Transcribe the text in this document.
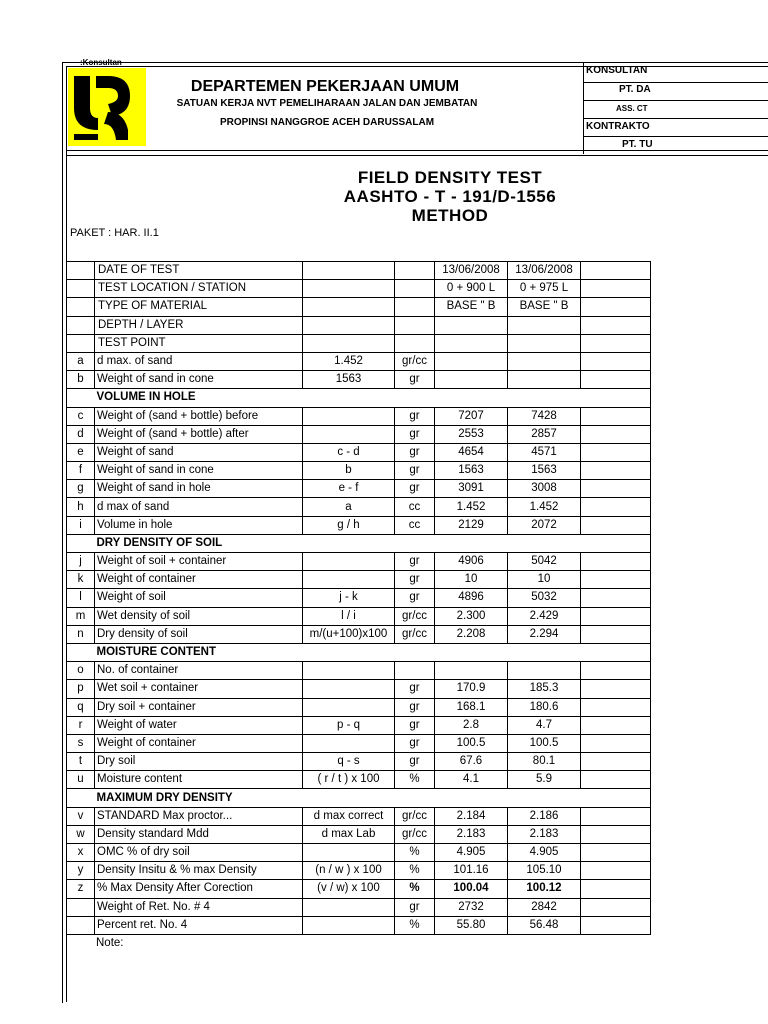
:Konsultan
DEPARTEMEN PEKERJAAN UMUM
SATUAN KERJA NVT PEMELIHARAAN JALAN DAN JEMBATAN
PROPINSI NANGGROE ACEH DARUSSALAM
KONSULTAN
PT. DA
ASS. CT
KONTRAKTO
PT. TU
FIELD DENSITY TEST
AASHTO - T - 191/D-1556
METHOD
PAKET : HAR. II.1
	DATE OF TEST			13/06/2008	13/06/2008	
	TEST LOCATION / STATION			0 + 900 L	0 + 975 L	
	TYPE OF MATERIAL			BASE " B	BASE " B	
	DEPTH / LAYER					
	TEST POINT					
a	d max. of sand	1.452	gr/cc			
b	Weight of sand in cone	1563	gr			
	VOLUME IN HOLE					
c	Weight of (sand + bottle) before		gr	7207	7428	
d	Weight of (sand + bottle) after		gr	2553	2857	
e	Weight of sand	c - d	gr	4654	4571	
f	Weight of sand in cone	b	gr	1563	1563	
g	Weight of sand in hole	e - f	gr	3091	3008	
h	d max of sand	a	cc	1.452	1.452	
i	Volume in hole	g / h	cc	2129	2072	
	DRY DENSITY OF SOIL					
j	Weight of soil + container		gr	4906	5042	
k	Weight of container		gr	10	10	
l	Weight of soil	j - k	gr	4896	5032	
m	Wet density of soil	l / i	gr/cc	2.300	2.429	
n	Dry density of soil	m/(u+100)x100	gr/cc	2.208	2.294	
	MOISTURE CONTENT					
o	No. of container					
p	Wet soil + container		gr	170.9	185.3	
q	Dry soil + container		gr	168.1	180.6	
r	Weight of water	p - q	gr	2.8	4.7	
s	Weight of container		gr	100.5	100.5	
t	Dry soil	q - s	gr	67.6	80.1	
u	Moisture content	( r / t ) x 100	%	4.1	5.9	
	MAXIMUM DRY DENSITY					
v	STANDARD Max proctor...	d max correct	gr/cc	2.184	2.186	
w	Density standard Mdd	d max Lab	gr/cc	2.183	2.183	
x	OMC % of dry soil		%	4.905	4.905	
y	Density Insitu & % max Density	(n / w ) x 100	%	101.16	105.10	
z	% Max Density After Corection	(v / w) x 100	%	100.04	100.12	
	Weight of Ret. No. # 4		gr	2732	2842	
	Percent ret. No. 4		%	55.80	56.48	
Note:
